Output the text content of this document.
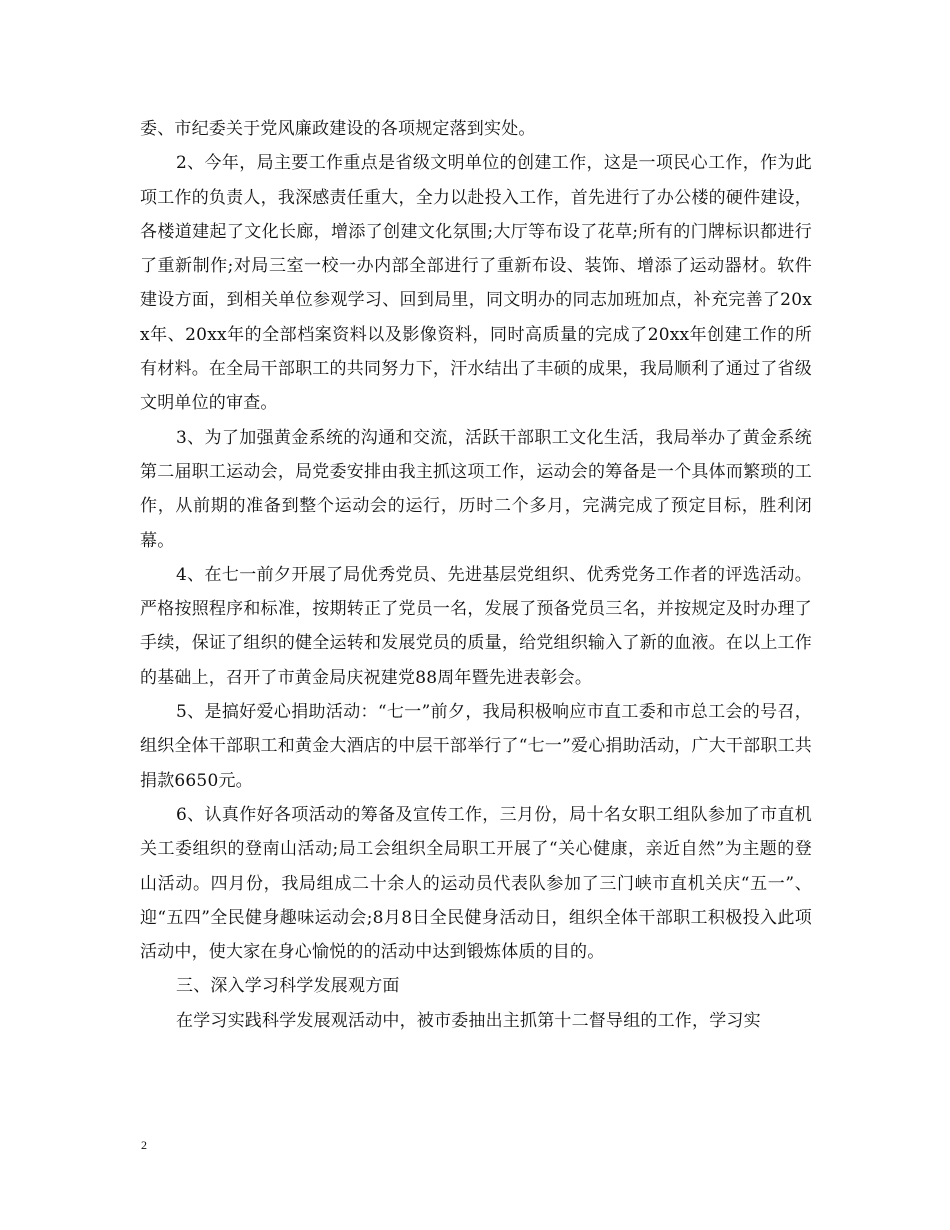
委、市纪委关于党风廉政建设的各项规定落到实处。

2、今年，局主要工作重点是省级文明单位的创建工作，这是一项民心工作，作为此项工作的负责人，我深感责任重大，全力以赴投入工作，首先进行了办公楼的硬件建设，各楼道建起了文化长廊，增添了创建文化氛围;大厅等布设了花草;所有的门牌标识都进行了重新制作;对局三室一校一办内部全部进行了重新布设、装饰、增添了运动器材。软件建设方面，到相关单位参观学习、回到局里，同文明办的同志加班加点，补充完善了20xx年、20xx年的全部档案资料以及影像资料，同时高质量的完成了20xx年创建工作的所有材料。在全局干部职工的共同努力下，汗水结出了丰硕的成果，我局顺利了通过了省级文明单位的审查。

3、为了加强黄金系统的沟通和交流，活跃干部职工文化生活，我局举办了黄金系统第二届职工运动会，局党委安排由我主抓这项工作，运动会的筹备是一个具体而繁琐的工作，从前期的准备到整个运动会的运行，历时二个多月，完满完成了预定目标，胜利闭幕。

4、在七一前夕开展了局优秀党员、先进基层党组织、优秀党务工作者的评选活动。严格按照程序和标准，按期转正了党员一名，发展了预备党员三名，并按规定及时办理了手续，保证了组织的健全运转和发展党员的质量，给党组织输入了新的血液。在以上工作的基础上，召开了市黄金局庆祝建党88周年暨先进表彰会。

5、是搞好爱心捐助活动：“七一”前夕，我局积极响应市直工委和市总工会的号召，组织全体干部职工和黄金大酒店的中层干部举行了“七一”爱心捐助活动，广大干部职工共捐款6650元。

6、认真作好各项活动的筹备及宣传工作，三月份，局十名女职工组队参加了市直机关工委组织的登南山活动;局工会组织全局职工开展了“关心健康，亲近自然”为主题的登山活动。四月份，我局组成二十余人的运动员代表队参加了三门峡市直机关庆“五一”、迎“五四”全民健身趣味运动会;8月8日全民健身活动日，组织全体干部职工积极投入此项活动中，使大家在身心愉悦的的活动中达到锻炼体质的目的。

三、深入学习科学发展观方面

在学习实践科学发展观活动中，被市委抽出主抓第十二督导组的工作，学习实

2
